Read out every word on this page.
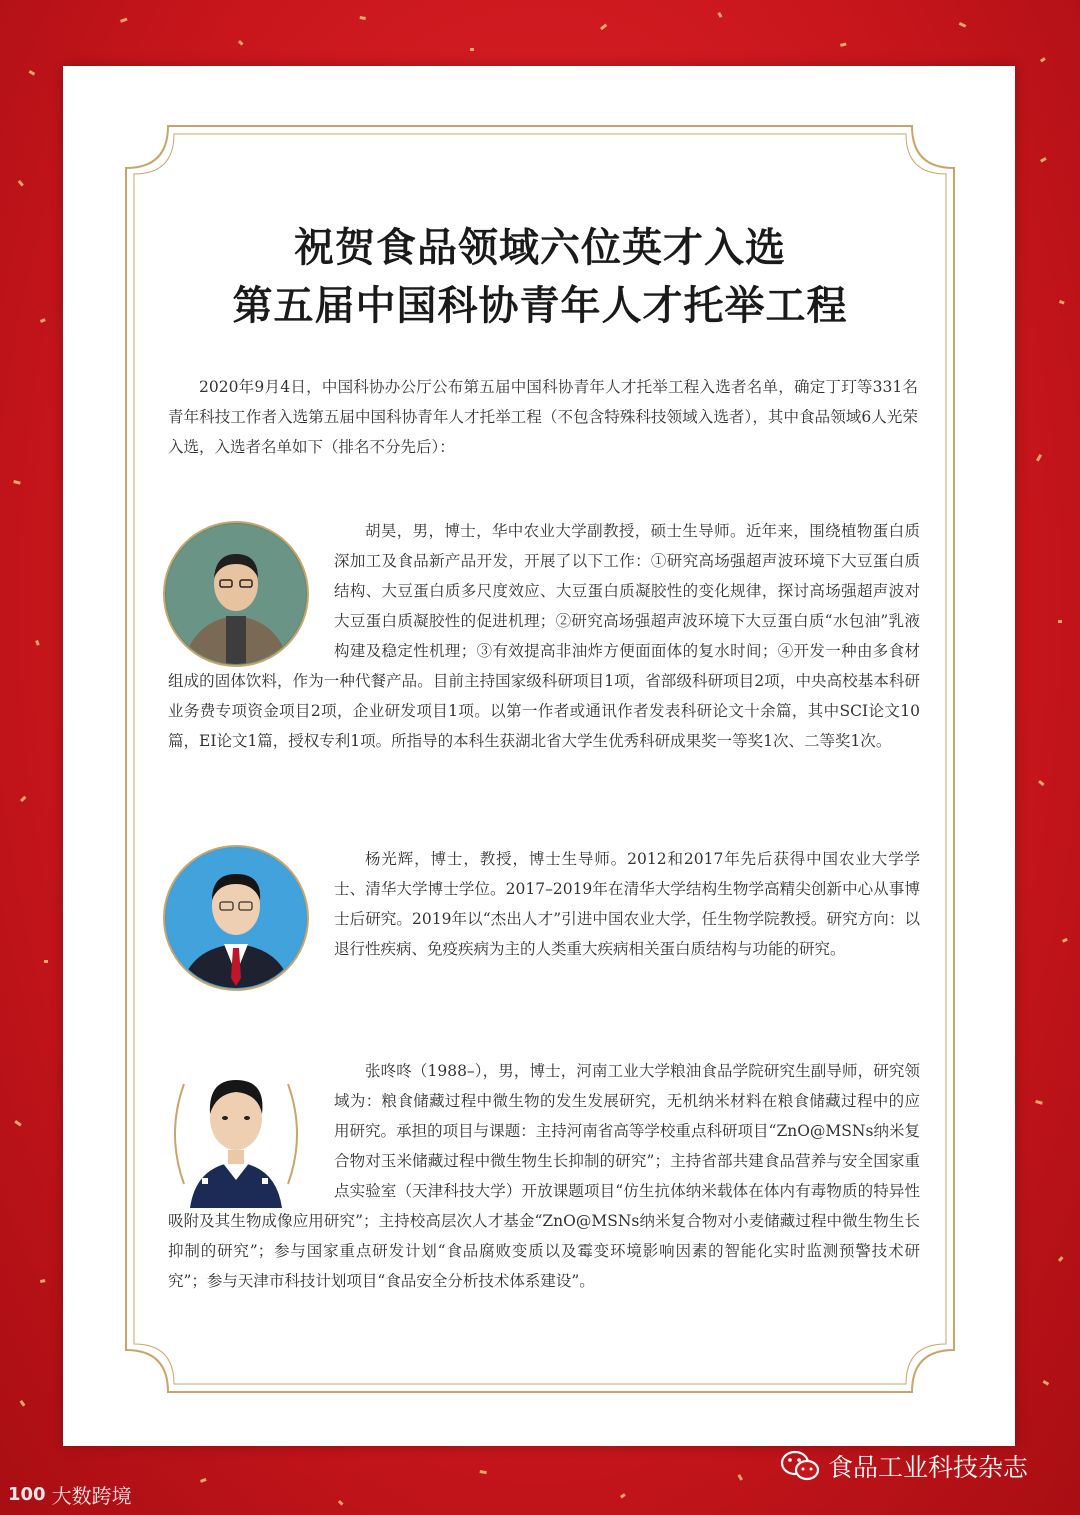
祝贺食品领域六位英才入选
第五届中国科协青年人才托举工程

2020年9月4日，中国科协办公厅公布第五届中国科协青年人才托举工程入选者名单，确定丁玎等331名青年科技工作者入选第五届中国科协青年人才托举工程（不包含特殊科技领域入选者），其中食品领域6人光荣入选，入选者名单如下（排名不分先后）：

胡昊，男，博士，华中农业大学副教授，硕士生导师。近年来，围绕植物蛋白质深加工及食品新产品开发，开展了以下工作：①研究高场强超声波环境下大豆蛋白质结构、大豆蛋白质多尺度效应、大豆蛋白质凝胶性的变化规律，探讨高场强超声波对大豆蛋白质凝胶性的促进机理；②研究高场强超声波环境下大豆蛋白质“水包油”乳液构建及稳定性机理；③有效提高非油炸方便面面体的复水时间；④开发一种由多食材组成的固体饮料，作为一种代餐产品。目前主持国家级科研项目1项，省部级科研项目2项，中央高校基本科研业务费专项资金项目2项，企业研发项目1项。以第一作者或通讯作者发表科研论文十余篇，其中SCI论文10篇，EI论文1篇，授权专利1项。所指导的本科生获湖北省大学生优秀科研成果奖一等奖1次、二等奖1次。
杨光辉，博士，教授，博士生导师。2012和2017年先后获得中国农业大学学士、清华大学博士学位。2017–2019年在清华大学结构生物学高精尖创新中心从事博士后研究。2019年以“杰出人才”引进中国农业大学，任生物学院教授。研究方向：以退行性疾病、免疫疾病为主的人类重大疾病相关蛋白质结构与功能的研究。
张咚咚（1988–），男，博士，河南工业大学粮油食品学院研究生副导师，研究领域为：粮食储藏过程中微生物的发生发展研究，无机纳米材料在粮食储藏过程中的应用研究。承担的项目与课题：主持河南省高等学校重点科研项目“ZnO@MSNs纳米复合物对玉米储藏过程中微生物生长抑制的研究”；主持省部共建食品营养与安全国家重点实验室（天津科技大学）开放课题项目“仿生抗体纳米载体在体内有毒物质的特异性吸附及其生物成像应用研究”；主持校高层次人才基金“ZnO@MSNs纳米复合物对小麦储藏过程中微生物生长抑制的研究”；参与国家重点研发计划“食品腐败变质以及霉变环境影响因素的智能化实时监测预警技术研究”；参与天津市科技计划项目“食品安全分析技术体系建设”。
100 大数跨境
食品工业科技杂志
